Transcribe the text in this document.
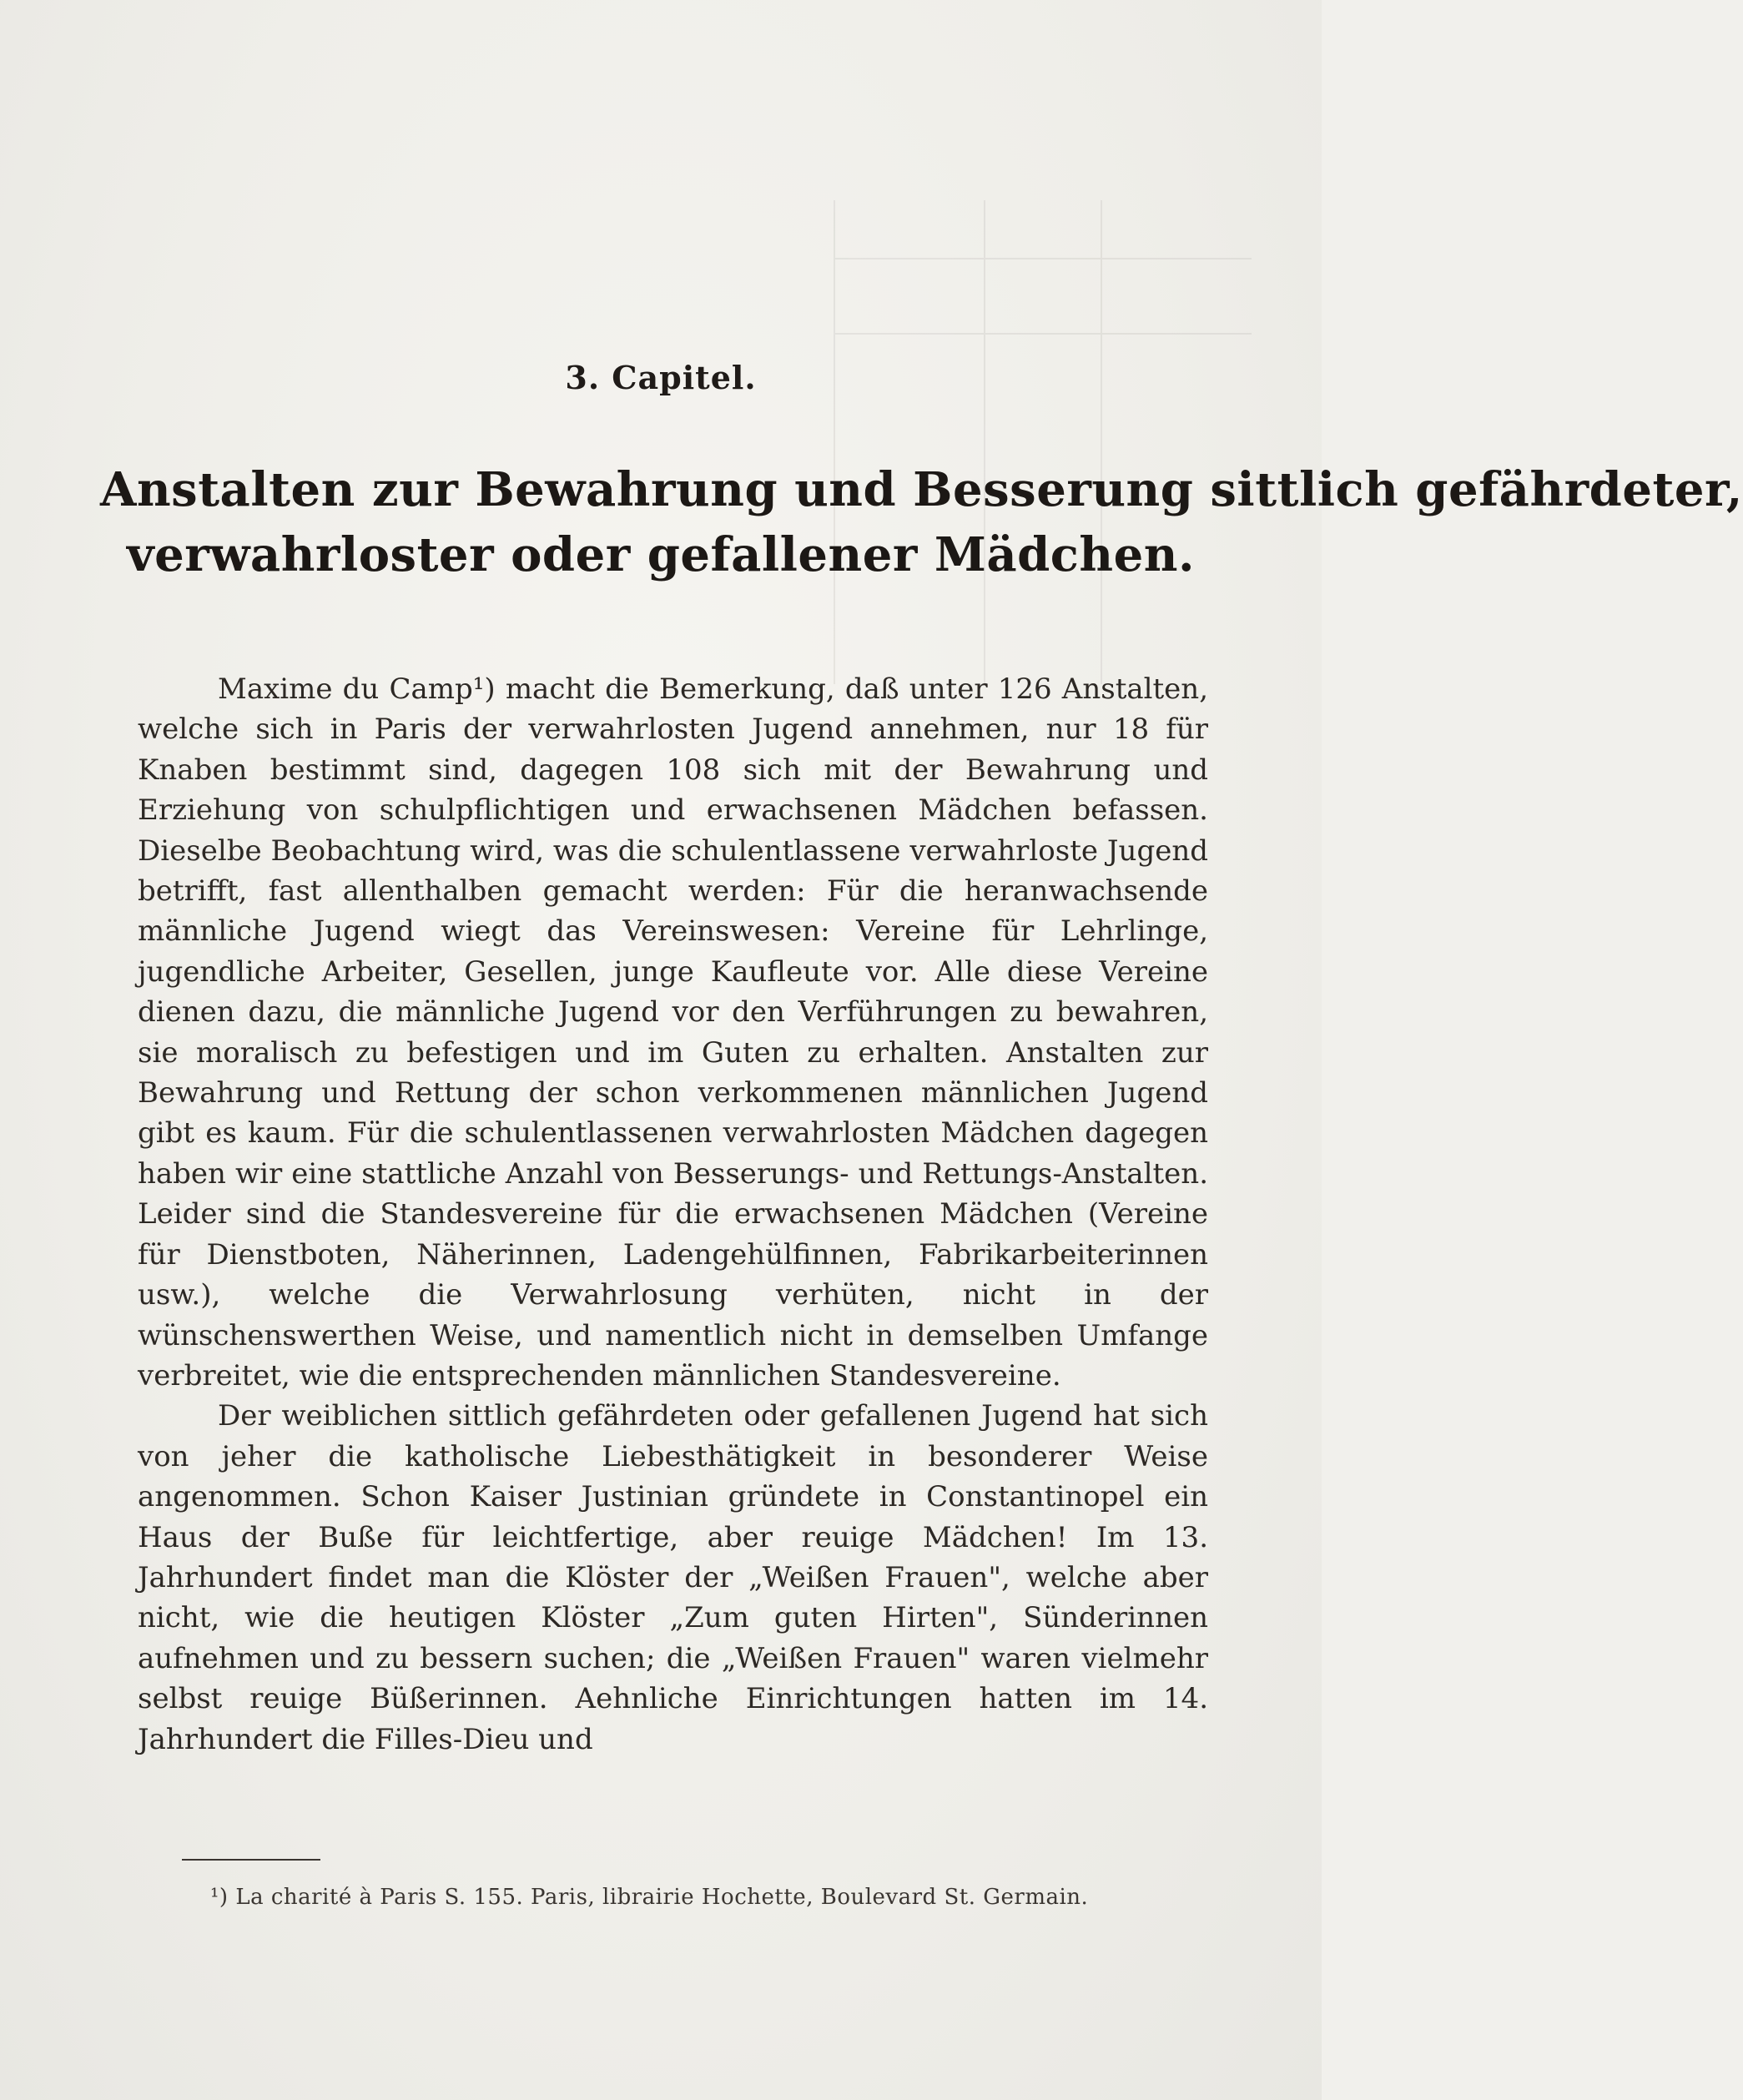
3. Capitel.
Anstalten zur Bewahrung und Besserung sittlich gefährdeter,
verwahrloster oder gefallener Mädchen.

Maxime du Camp¹) macht die Bemerkung, daß unter 126 Anstalten, welche sich in Paris der verwahrlosten Jugend annehmen, nur 18 für Knaben bestimmt sind, dagegen 108 sich mit der Bewahrung und Erziehung von schulpflichtigen und erwachsenen Mädchen befassen. Dieselbe Beobachtung wird, was die schulentlassene verwahrloste Jugend betrifft, fast allenthalben gemacht werden: Für die heranwachsende männliche Jugend wiegt das Vereinswesen: Vereine für Lehrlinge, jugendliche Arbeiter, Gesellen, junge Kaufleute vor. Alle diese Vereine dienen dazu, die männliche Jugend vor den Verführungen zu bewahren, sie moralisch zu befestigen und im Guten zu erhalten. Anstalten zur Bewahrung und Rettung der schon verkommenen männlichen Jugend gibt es kaum. Für die schulentlassenen verwahrlosten Mädchen dagegen haben wir eine stattliche Anzahl von Besserungs- und Rettungs-Anstalten. Leider sind die Standesvereine für die erwachsenen Mädchen (Vereine für Dienstboten, Näherinnen, Ladengehülfinnen, Fabrikarbeiterinnen usw.), welche die Verwahrlosung verhüten, nicht in der wünschenswerthen Weise, und namentlich nicht in demselben Umfange verbreitet, wie die entsprechenden männlichen Standesvereine.

Der weiblichen sittlich gefährdeten oder gefallenen Jugend hat sich von jeher die katholische Liebesthätigkeit in besonderer Weise angenommen. Schon Kaiser Justinian gründete in Constantinopel ein Haus der Buße für leichtfertige, aber reuige Mädchen! Im 13. Jahrhundert findet man die Klöster der „Weißen Frauen", welche aber nicht, wie die heutigen Klöster „Zum guten Hirten", Sünderinnen aufnehmen und zu bessern suchen; die „Weißen Frauen" waren vielmehr selbst reuige Büßerinnen. Aehnliche Einrichtungen hatten im 14. Jahrhundert die Filles-Dieu und

¹) La charité à Paris S. 155. Paris, librairie Hochette, Boulevard St. Germain.
